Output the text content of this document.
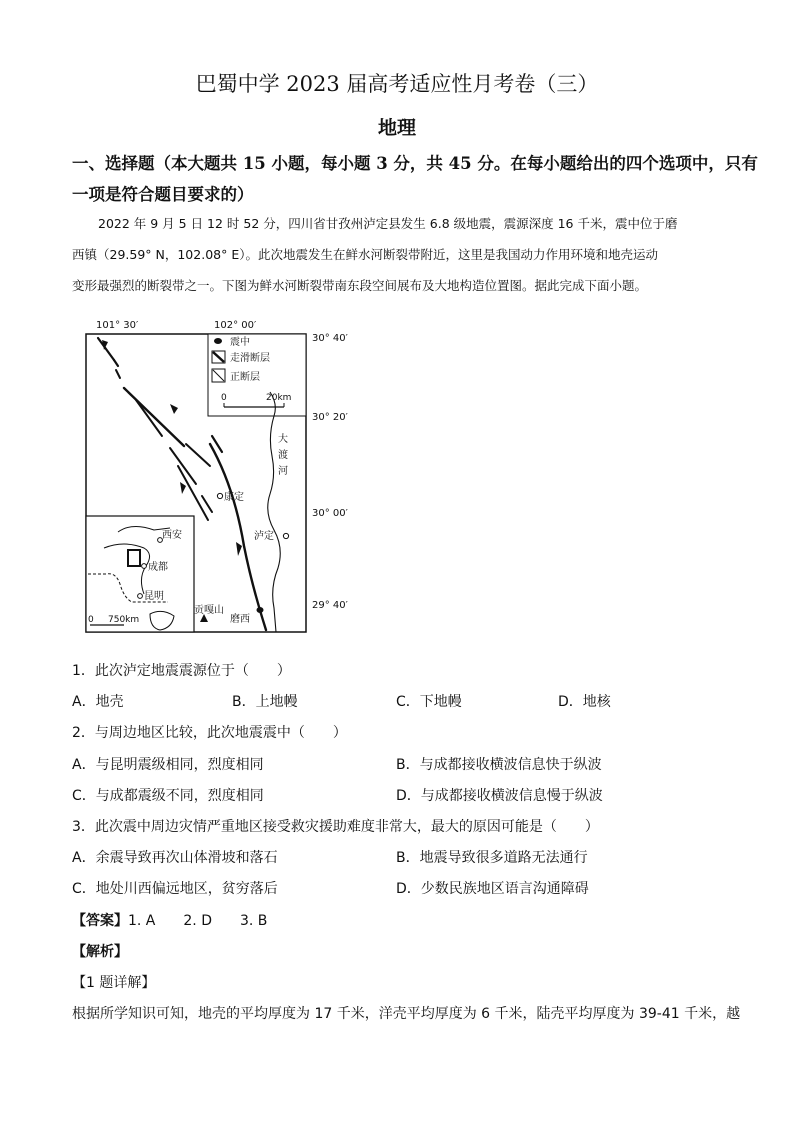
巴蜀中学 2023 届高考适应性月考卷（三）
地理
一、选择题（本大题共 15 小题，每小题 3 分，共 45 分。在每小题给出的四个选项中，只有
一项是符合题目要求的）
2022 年 9 月 5 日 12 时 52 分，四川省甘孜州泸定县发生 6.8 级地震，震源深度 16 千米，震中位于磨
西镇（29.59° N，102.08° E）。此次地震发生在鲜水河断裂带附近，这里是我国动力作用环境和地壳运动
变形最强烈的断裂带之一。下图为鲜水河断裂带南东段空间展布及大地构造位置图。据此完成下面小题。
101° 30′	102° 00′
30° 40′
30° 20′
30° 00′
29° 40′
震中
走滑断层
正断层
0	20km
大
渡
河
康定
泸定
磨西
贡嘎山
西安
成都
昆明
0 750km
1．此次泸定地震震源位于（　　）
A．地壳	B．上地幔	C．下地幔	D．地核
2．与周边地区比较，此次地震震中（　　）
A．与昆明震级相同，烈度相同	B．与成都接收横波信息快于纵波
C．与成都震级不同，烈度相同	D．与成都接收横波信息慢于纵波
3．此次震中周边灾情严重地区接受救灾援助难度非常大，最大的原因可能是（　　）
A．余震导致再次山体滑坡和落石	B．地震导致很多道路无法通行
C．地处川西偏远地区，贫穷落后	D．少数民族地区语言沟通障碍
【答案】1. A　　2. D　　3. B
【解析】
【1 题详解】
根据所学知识可知，地壳的平均厚度为 17 千米，洋壳平均厚度为 6 千米，陆壳平均厚度为 39-41 千米，越
